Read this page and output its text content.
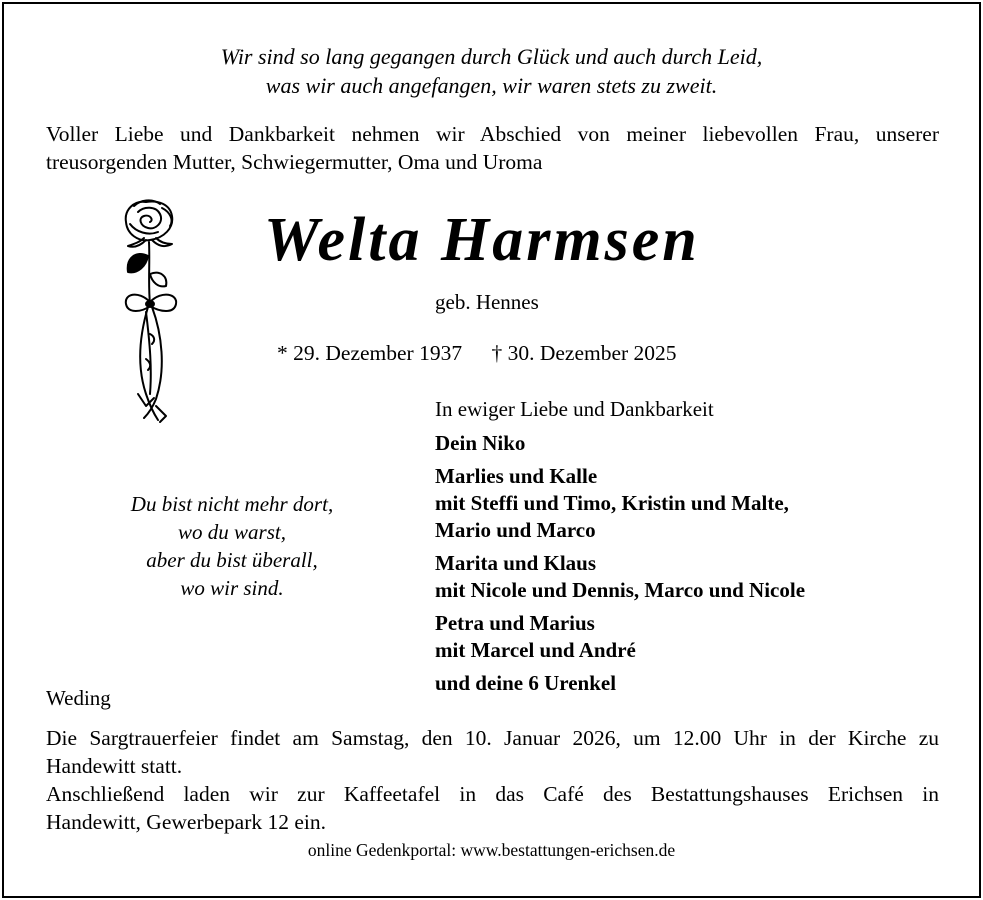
Wir sind so lang gegangen durch Glück und auch durch Leid,
was wir auch angefangen, wir waren stets zu zweit.
Voller Liebe und Dankbarkeit nehmen wir Abschied von meiner liebevollen Frau, unserer
treusorgenden Mutter, Schwiegermutter, Oma und Uroma
Welta Harmsen
geb. Hennes
* 29. Dezember 1937 † 30. Dezember 2025
In ewiger Liebe und Dankbarkeit
Dein Niko
Marlies und Kalle
mit Steffi und Timo, Kristin und Malte,
Mario und Marco
Marita und Klaus
mit Nicole und Dennis, Marco und Nicole
Petra und Marius
mit Marcel und André
und deine 6 Urenkel
Du bist nicht mehr dort,
wo du warst,
aber du bist überall,
wo wir sind.
Weding
Die Sargtrauerfeier findet am Samstag, den 10. Januar 2026, um 12.00 Uhr in der Kirche zu
Handewitt statt.
Anschließend laden wir zur Kaffeetafel in das Café des Bestattungshauses Erichsen in
Handewitt, Gewerbepark 12 ein.
online Gedenkportal: www.bestattungen-erichsen.de
